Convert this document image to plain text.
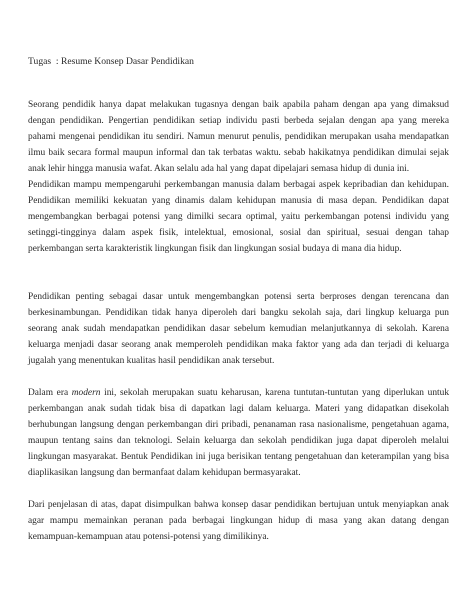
Tugas  : Resume Konsep Dasar Pendidikan

Seorang pendidik hanya dapat melakukan tugasnya dengan baik apabila paham dengan apa yang dimaksud dengan pendidikan. Pengertian pendidikan setiap individu pasti berbeda sejalan dengan apa yang mereka pahami mengenai pendidikan itu sendiri. Namun menurut penulis, pendidikan merupakan usaha mendapatkan ilmu baik secara formal maupun informal dan tak terbatas waktu. sebab hakikatnya pendidikan dimulai sejak anak lehir hingga manusia wafat. Akan selalu ada hal yang dapat dipelajari semasa hidup di dunia ini.

Pendidikan mampu mempengaruhi perkembangan manusia dalam berbagai aspek kepribadian dan kehidupan. Pendidikan memiliki kekuatan yang dinamis dalam kehidupan manusia di masa depan. Pendidikan dapat mengembangkan berbagai potensi yang dimilki secara optimal, yaitu perkembangan potensi individu yang setinggi-tingginya dalam aspek fisik, intelektual, emosional, sosial dan spiritual, sesuai dengan tahap perkembangan serta karakteristik lingkungan fisik dan lingkungan sosial budaya di mana dia hidup.

Pendidikan penting sebagai dasar untuk mengembangkan potensi serta berproses dengan terencana dan berkesinambungan. Pendidikan tidak hanya diperoleh dari bangku sekolah saja, dari lingkup keluarga pun seorang anak sudah mendapatkan pendidikan dasar sebelum kemudian melanjutkannya di sekolah. Karena keluarga menjadi dasar seorang anak memperoleh pendidikan maka faktor yang ada dan terjadi di keluarga jugalah yang menentukan kualitas hasil pendidikan anak tersebut.

Dalam era modern ini, sekolah merupakan suatu keharusan, karena tuntutan-tuntutan yang diperlukan untuk perkembangan anak sudah tidak bisa di dapatkan lagi dalam keluarga. Materi yang didapatkan disekolah berhubungan langsung dengan perkembangan diri pribadi, penanaman rasa nasionalisme, pengetahuan agama, maupun tentang sains dan teknologi. Selain keluarga dan sekolah pendidikan juga dapat diperoleh melalui lingkungan masyarakat. Bentuk Pendidikan ini juga berisikan tentang pengetahuan dan keterampilan yang bisa diaplikasikan langsung dan bermanfaat dalam kehidupan bermasyarakat.

Dari penjelasan di atas, dapat disimpulkan bahwa konsep dasar pendidikan bertujuan untuk menyiapkan anak agar mampu memainkan peranan pada berbagai lingkungan hidup di masa yang akan datang dengan kemampuan-kemampuan atau potensi-potensi yang dimilikinya.
